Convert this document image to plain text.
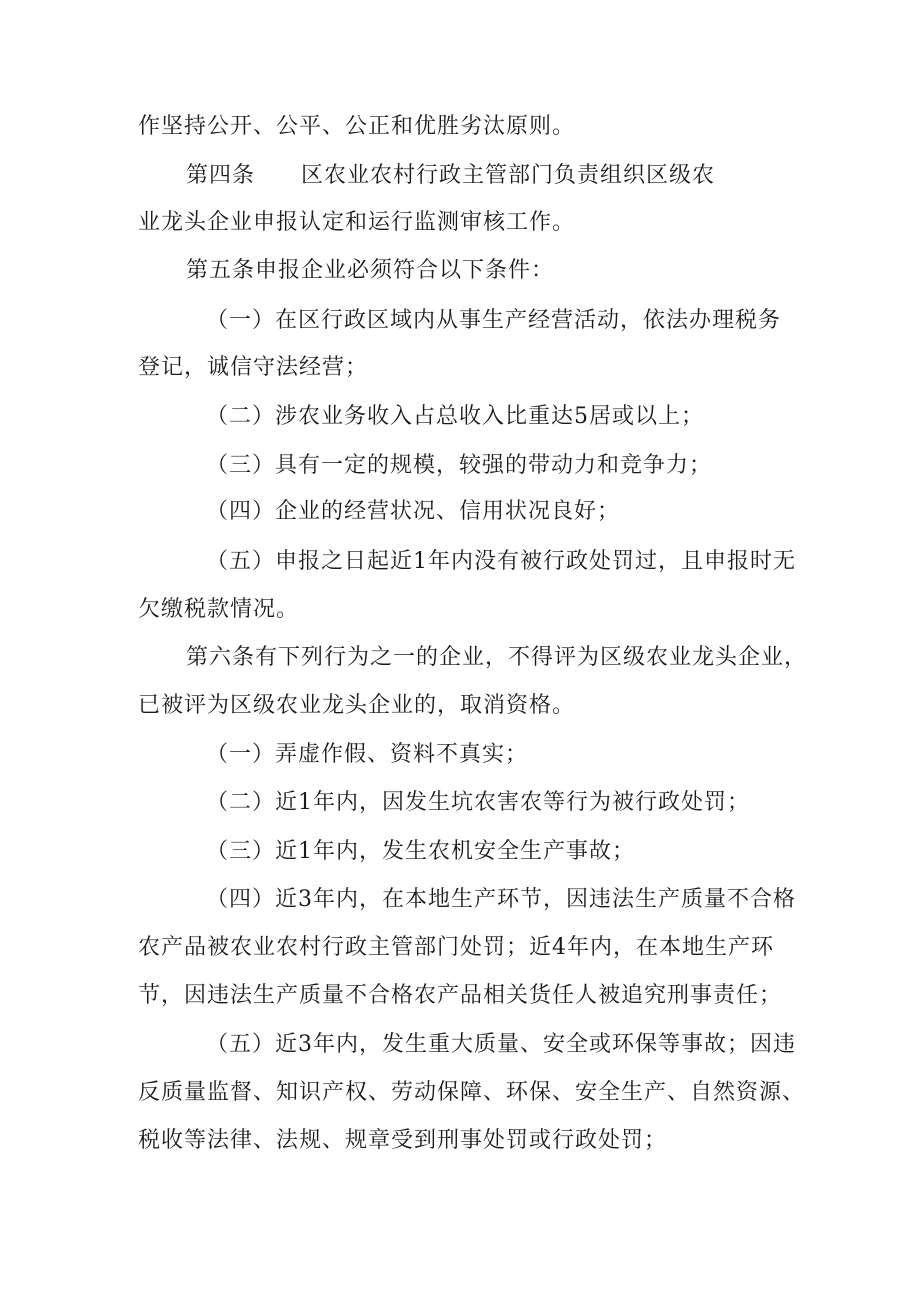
作坚持公开、公平、公正和优胜劣汰原则。

第四条　　区农业农村行政主管部门负责组织区级农

业龙头企业申报认定和运行监测审核工作。

第五条申报企业必须符合以下条件：

（一）在区行政区域内从事生产经营活动，依法办理税务

登记，诚信守法经营；

（二）涉农业务收入占总收入比重达5居或以上；

（三）具有一定的规模，较强的带动力和竞争力；

（四）企业的经营状况、信用状况良好；

（五）申报之日起近1年内没有被行政处罚过，且申报时无

欠缴税款情况。

第六条有下列行为之一的企业，不得评为区级农业龙头企业，

已被评为区级农业龙头企业的，取消资格。

（一）弄虚作假、资料不真实；

（二）近1年内，因发生坑农害农等行为被行政处罚；

（三）近1年内，发生农机安全生产事故；

（四）近3年内，在本地生产环节，因违法生产质量不合格

农产品被农业农村行政主管部门处罚；近4年内，在本地生产环

节，因违法生产质量不合格农产品相关货任人被追究刑事责任；

（五）近3年内，发生重大质量、安全或环保等事故；因违

反质量监督、知识产权、劳动保障、环保、安全生产、自然资源、

税收等法律、法规、规章受到刑事处罚或行政处罚；
